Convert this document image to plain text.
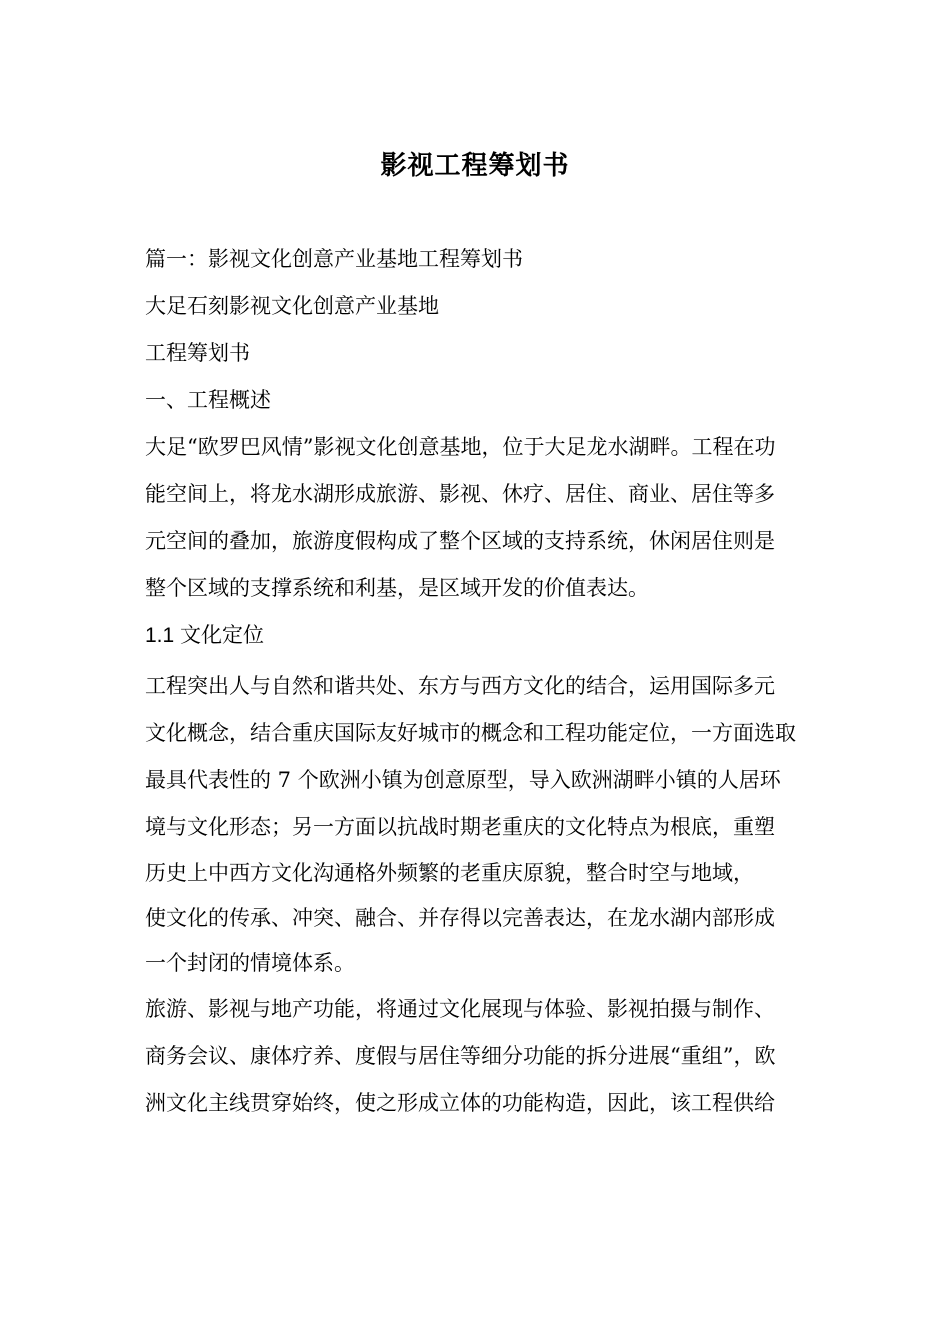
影视工程筹划书

篇一：影视文化创意产业基地工程筹划书

大足石刻影视文化创意产业基地

工程筹划书

一、工程概述

大足“欧罗巴风情”影视文化创意基地，位于大足龙水湖畔。工程在功

能空间上，将龙水湖形成旅游、影视、休疗、居住、商业、居住等多

元空间的叠加，旅游度假构成了整个区域的支持系统，休闲居住则是

整个区域的支撑系统和利基，是区域开发的价值表达。

1.1 文化定位

工程突出人与自然和谐共处、东方与西方文化的结合，运用国际多元

文化概念，结合重庆国际友好城市的概念和工程功能定位，一方面选取

最具代表性的 7 个欧洲小镇为创意原型，导入欧洲湖畔小镇的人居环

境与文化形态；另一方面以抗战时期老重庆的文化特点为根底，重塑

历史上中西方文化沟通格外频繁的老重庆原貌，整合时空与地域，

使文化的传承、冲突、融合、并存得以完善表达，在龙水湖内部形成

一个封闭的情境体系。

旅游、影视与地产功能，将通过文化展现与体验、影视拍摄与制作、

商务会议、康体疗养、度假与居住等细分功能的拆分进展“重组”，欧

洲文化主线贯穿始终，使之形成立体的功能构造，因此，该工程供给
